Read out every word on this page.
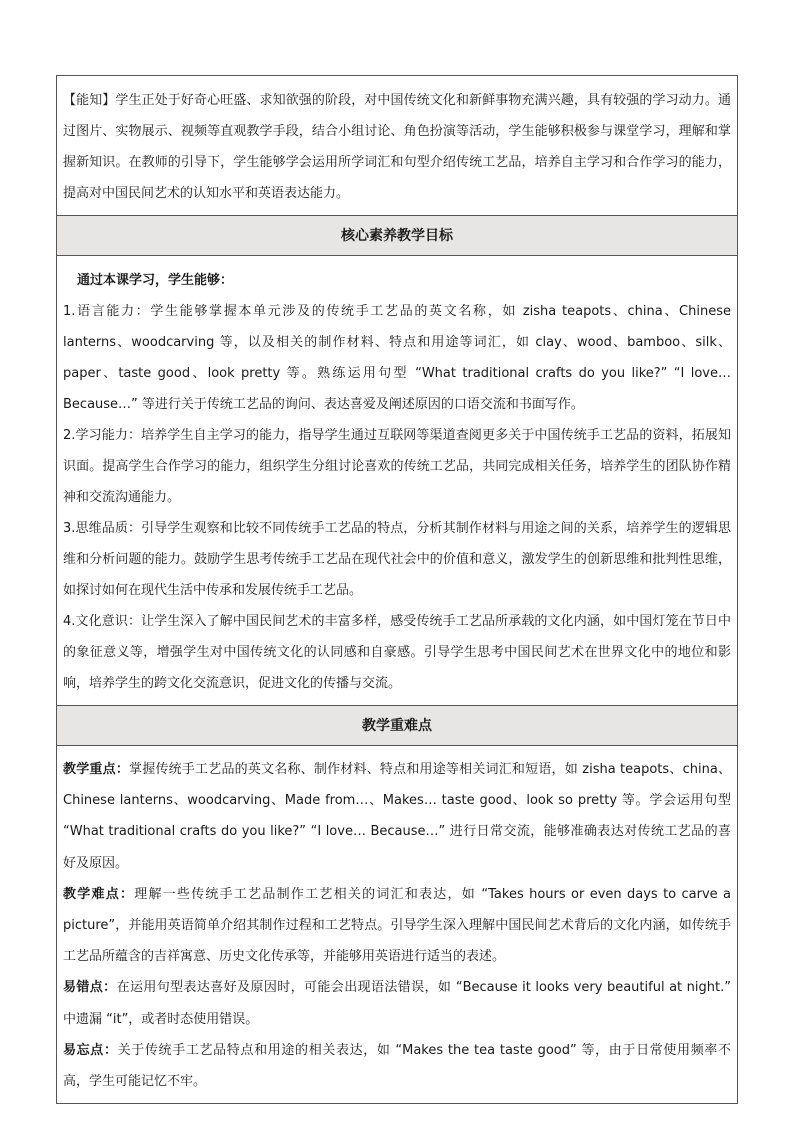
【能知】学生正处于好奇心旺盛、求知欲强的阶段，对中国传统文化和新鲜事物充满兴趣，具有较强的学习动力。通过图片、实物展示、视频等直观教学手段，结合小组讨论、角色扮演等活动，学生能够积极参与课堂学习，理解和掌握新知识。在教师的引导下，学生能够学会运用所学词汇和句型介绍传统工艺品，培养自主学习和合作学习的能力，提高对中国民间艺术的认知水平和英语表达能力。

核心素养教学目标

通过本课学习，学生能够：

1.语言能力：学生能够掌握本单元涉及的传统手工艺品的英文名称，如 zisha teapots、china、Chinese lanterns、woodcarving 等，以及相关的制作材料、特点和用途等词汇，如 clay、wood、bamboo、silk、paper、taste good、look pretty 等。熟练运用句型 “What traditional crafts do you like?” “I love… Because…” 等进行关于传统工艺品的询问、表达喜爱及阐述原因的口语交流和书面写作。

2.学习能力：培养学生自主学习的能力，指导学生通过互联网等渠道查阅更多关于中国传统手工艺品的资料，拓展知识面。提高学生合作学习的能力，组织学生分组讨论喜欢的传统工艺品，共同完成相关任务，培养学生的团队协作精神和交流沟通能力。

3.思维品质：引导学生观察和比较不同传统手工艺品的特点，分析其制作材料与用途之间的关系，培养学生的逻辑思维和分析问题的能力。鼓励学生思考传统手工艺品在现代社会中的价值和意义，激发学生的创新思维和批判性思维，如探讨如何在现代生活中传承和发展传统手工艺品。

4.文化意识：让学生深入了解中国民间艺术的丰富多样，感受传统手工艺品所承载的文化内涵，如中国灯笼在节日中的象征意义等，增强学生对中国传统文化的认同感和自豪感。引导学生思考中国民间艺术在世界文化中的地位和影响，培养学生的跨文化交流意识，促进文化的传播与交流。

教学重难点

教学重点：掌握传统手工艺品的英文名称、制作材料、特点和用途等相关词汇和短语，如 zisha teapots、china、Chinese lanterns、woodcarving、Made from…、Makes… taste good、look so pretty 等。学会运用句型 “What traditional crafts do you like?” “I love… Because…” 进行日常交流，能够准确表达对传统工艺品的喜好及原因。

教学难点：理解一些传统手工艺品制作工艺相关的词汇和表达，如 “Takes hours or even days to carve a picture”，并能用英语简单介绍其制作过程和工艺特点。引导学生深入理解中国民间艺术背后的文化内涵，如传统手工艺品所蕴含的吉祥寓意、历史文化传承等，并能够用英语进行适当的表述。

易错点：在运用句型表达喜好及原因时，可能会出现语法错误，如 “Because it looks very beautiful at night.” 中遗漏 “it”，或者时态使用错误。

易忘点：关于传统手工艺品特点和用途的相关表达，如 “Makes the tea taste good” 等，由于日常使用频率不高，学生可能记忆不牢。
